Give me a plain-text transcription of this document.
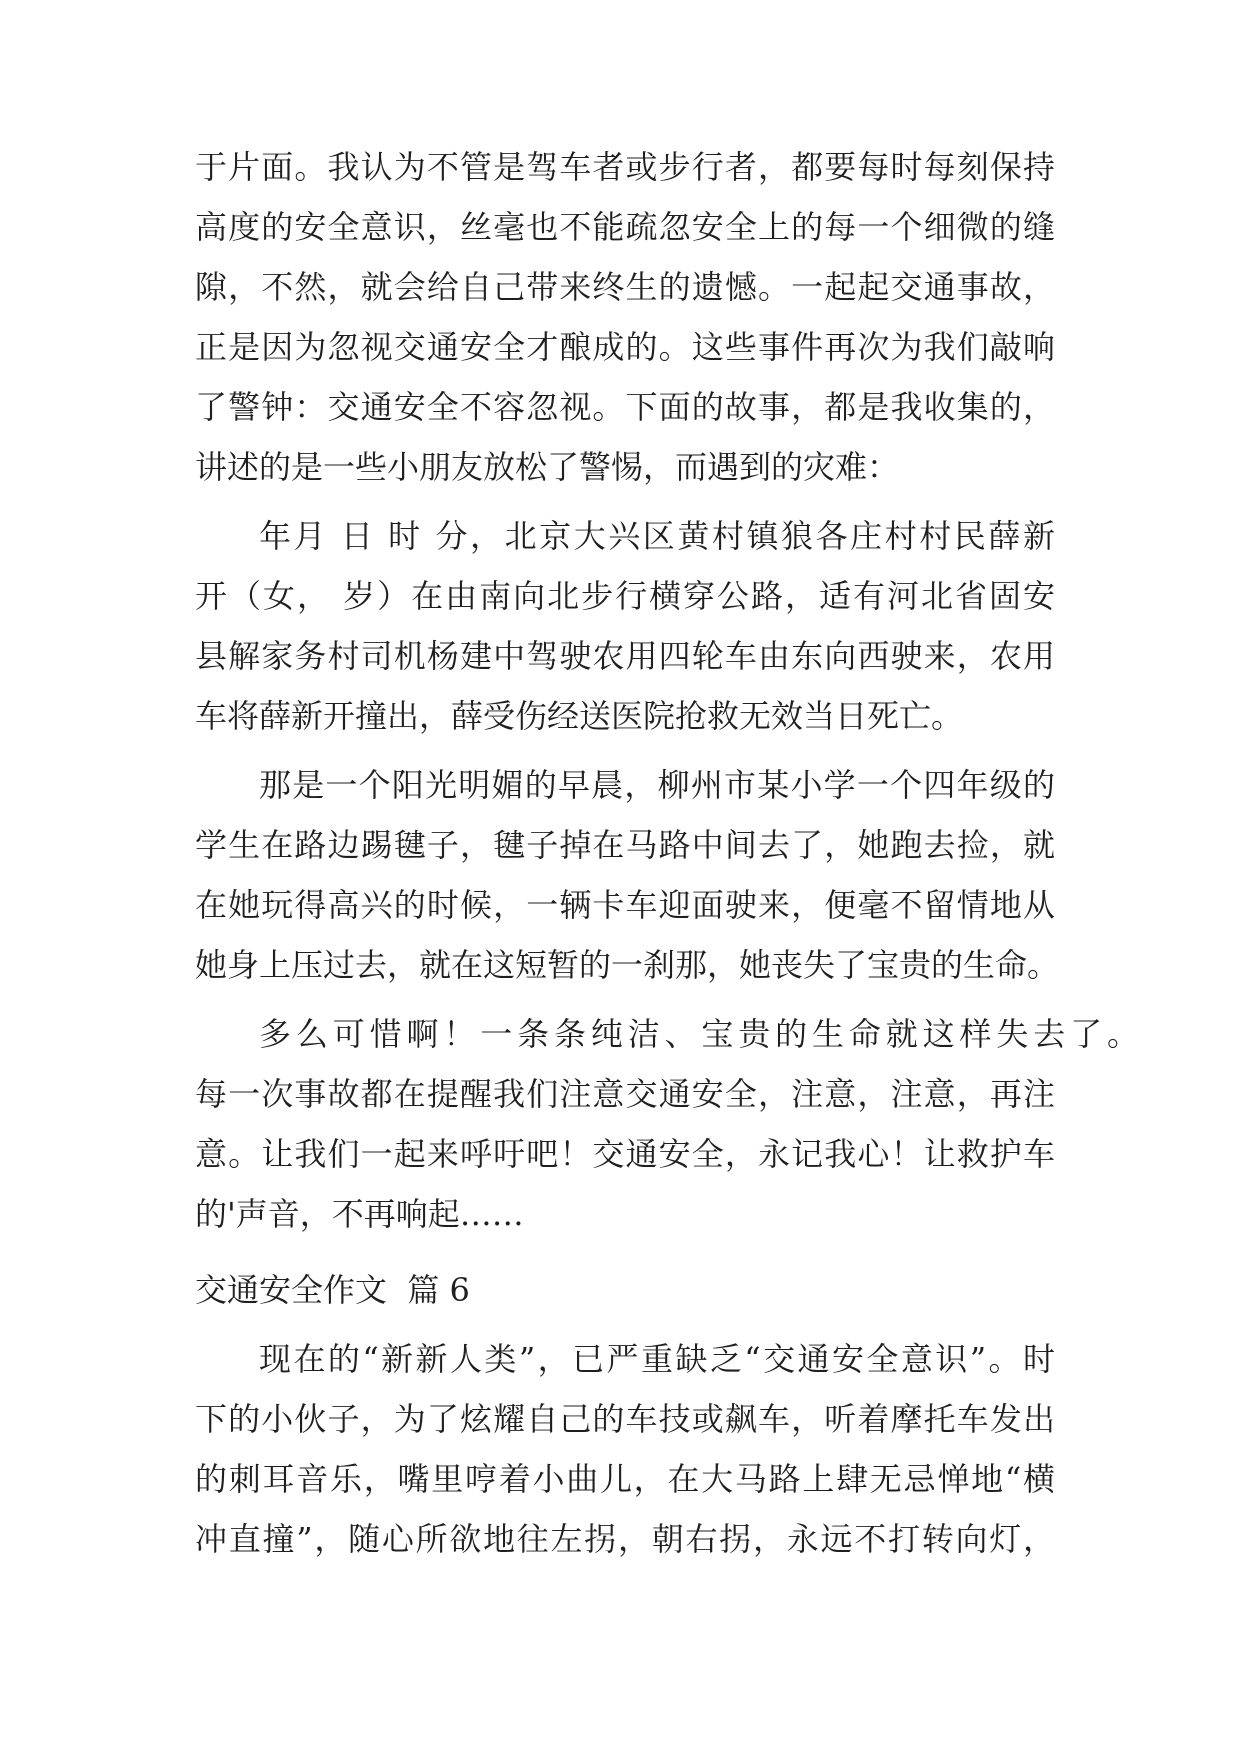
于片面。我认为不管是驾车者或步行者，都要每时每刻保持

高度的安全意识，丝毫也不能疏忽安全上的每一个细微的缝

隙，不然，就会给自己带来终生的遗憾。一起起交通事故，

正是因为忽视交通安全才酿成的。这些事件再次为我们敲响

了警钟：交通安全不容忽视。下面的故事，都是我收集的，

讲述的是一些小朋友放松了警惕，而遇到的灾难：

年月 日 时 分，北京大兴区黄村镇狼各庄村村民薛新

开（女， 岁）在由南向北步行横穿公路，适有河北省固安

县解家务村司机杨建中驾驶农用四轮车由东向西驶来，农用

车将薛新开撞出，薛受伤经送医院抢救无效当日死亡。

那是一个阳光明媚的早晨，柳州市某小学一个四年级的

学生在路边踢毽子，毽子掉在马路中间去了，她跑去捡，就

在她玩得高兴的时候，一辆卡车迎面驶来，便毫不留情地从

她身上压过去，就在这短暂的一刹那，她丧失了宝贵的生命。

多么可惜啊！一条条纯洁、宝贵的生命就这样失去了。

每一次事故都在提醒我们注意交通安全，注意，注意，再注

意。让我们一起来呼吁吧！交通安全，永记我心！让救护车

的'声音，不再响起……

交通安全作文  篇 6

现在的“新新人类”，已严重缺乏“交通安全意识”。时

下的小伙子，为了炫耀自己的车技或飙车，听着摩托车发出

的刺耳音乐，嘴里哼着小曲儿，在大马路上肆无忌惮地“横

冲直撞”，随心所欲地往左拐，朝右拐，永远不打转向灯，
